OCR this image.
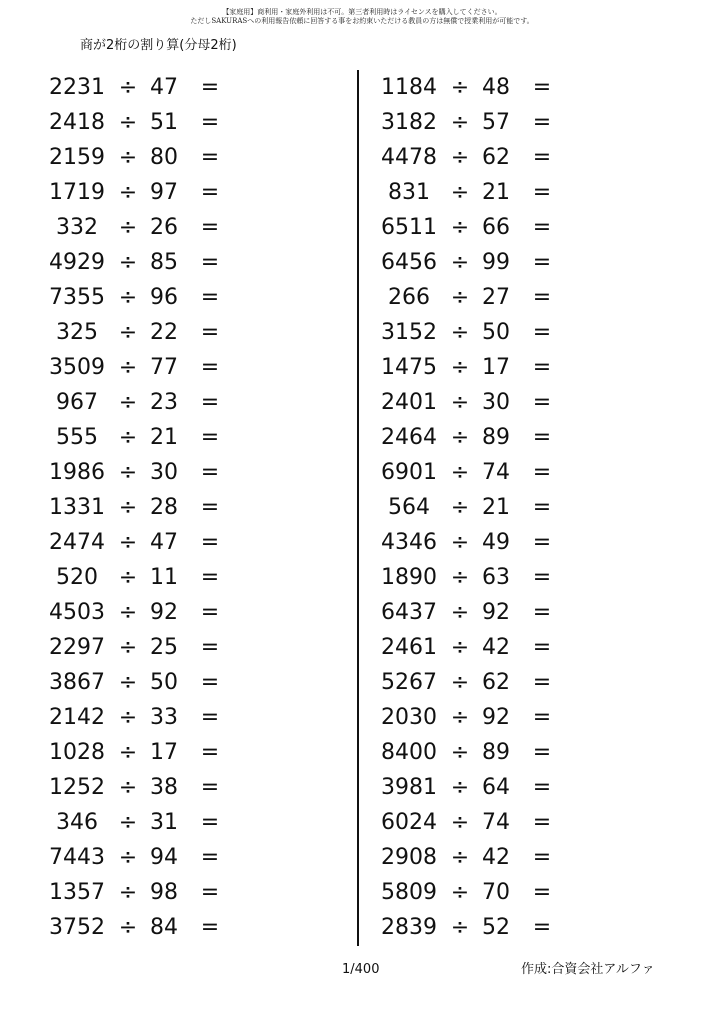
【家庭用】商利用・家庭外利用は不可。第三者利用時はライセンスを購入してください。
ただしSAKURASへの利用報告依頼に回答する事をお約束いただける教員の方は無償で授業利用が可能です。
商が2桁の割り算(分母2桁)
2231 ÷ 47 =
2418 ÷ 51 =
2159 ÷ 80 =
1719 ÷ 97 =
332 ÷ 26 =
4929 ÷ 85 =
7355 ÷ 96 =
325 ÷ 22 =
3509 ÷ 77 =
967 ÷ 23 =
555 ÷ 21 =
1986 ÷ 30 =
1331 ÷ 28 =
2474 ÷ 47 =
520 ÷ 11 =
4503 ÷ 92 =
2297 ÷ 25 =
3867 ÷ 50 =
2142 ÷ 33 =
1028 ÷ 17 =
1252 ÷ 38 =
346 ÷ 31 =
7443 ÷ 94 =
1357 ÷ 98 =
3752 ÷ 84 =
1184 ÷ 48 =
3182 ÷ 57 =
4478 ÷ 62 =
831 ÷ 21 =
6511 ÷ 66 =
6456 ÷ 99 =
266 ÷ 27 =
3152 ÷ 50 =
1475 ÷ 17 =
2401 ÷ 30 =
2464 ÷ 89 =
6901 ÷ 74 =
564 ÷ 21 =
4346 ÷ 49 =
1890 ÷ 63 =
6437 ÷ 92 =
2461 ÷ 42 =
5267 ÷ 62 =
2030 ÷ 92 =
8400 ÷ 89 =
3981 ÷ 64 =
6024 ÷ 74 =
2908 ÷ 42 =
5809 ÷ 70 =
2839 ÷ 52 =
1/400	作成:合資会社アルファ
